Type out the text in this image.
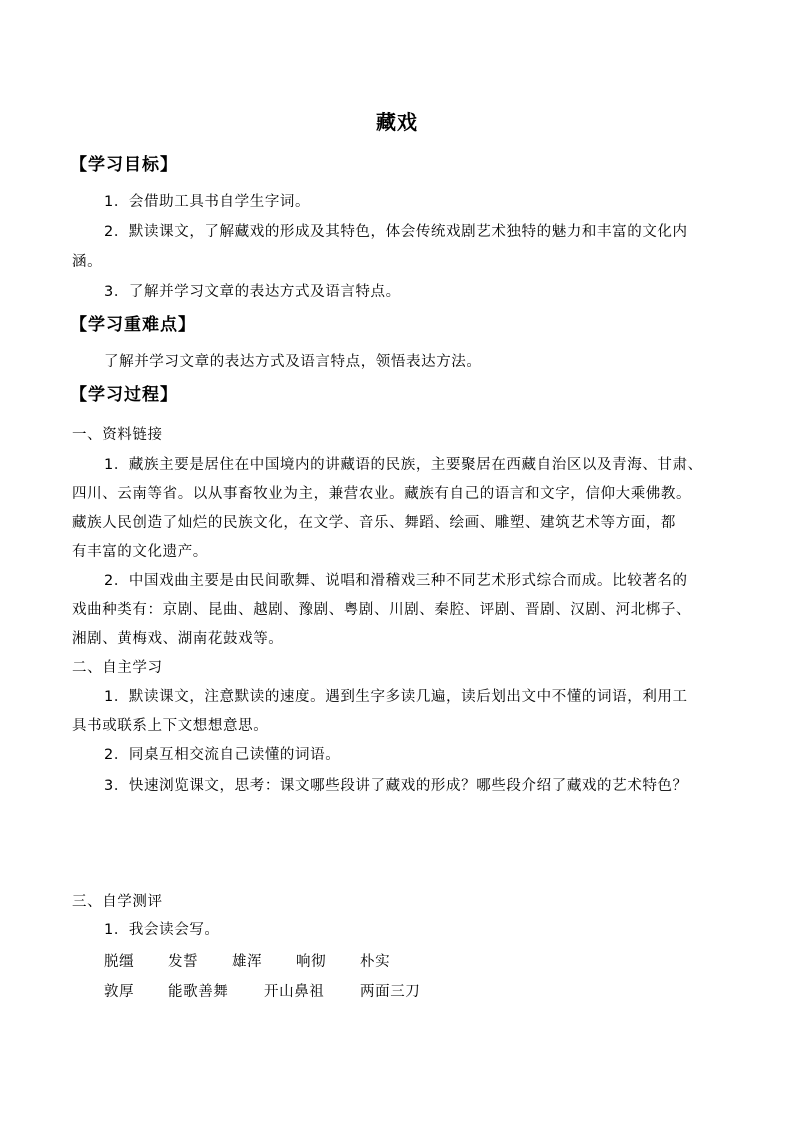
藏戏
【学习目标】
1．会借助工具书自学生字词。
2．默读课文，了解藏戏的形成及其特色，体会传统戏剧艺术独特的魅力和丰富的文化内
涵。
3．了解并学习文章的表达方式及语言特点。
【学习重难点】
了解并学习文章的表达方式及语言特点，领悟表达方法。
【学习过程】
一、资料链接
1．藏族主要是居住在中国境内的讲藏语的民族，主要聚居在西藏自治区以及青海、甘肃、
四川、云南等省。以从事畜牧业为主，兼营农业。藏族有自己的语言和文字，信仰大乘佛教。
藏族人民创造了灿烂的民族文化，在文学、音乐、舞蹈、绘画、雕塑、建筑艺术等方面，都
有丰富的文化遗产。
2．中国戏曲主要是由民间歌舞、说唱和滑稽戏三种不同艺术形式综合而成。比较著名的
戏曲种类有：京剧、昆曲、越剧、豫剧、粤剧、川剧、秦腔、评剧、晋剧、汉剧、河北梆子、
湘剧、黄梅戏、湖南花鼓戏等。
二、自主学习
1．默读课文，注意默读的速度。遇到生字多读几遍，读后划出文中不懂的词语，利用工
具书或联系上下文想想意思。
2．同桌互相交流自己读懂的词语。
3．快速浏览课文，思考：课文哪些段讲了藏戏的形成？哪些段介绍了藏戏的艺术特色？
三、自学测评
1．我会读会写。
脱缰 发誓 雄浑 响彻 朴实
敦厚 能歌善舞 开山鼻祖 两面三刀
